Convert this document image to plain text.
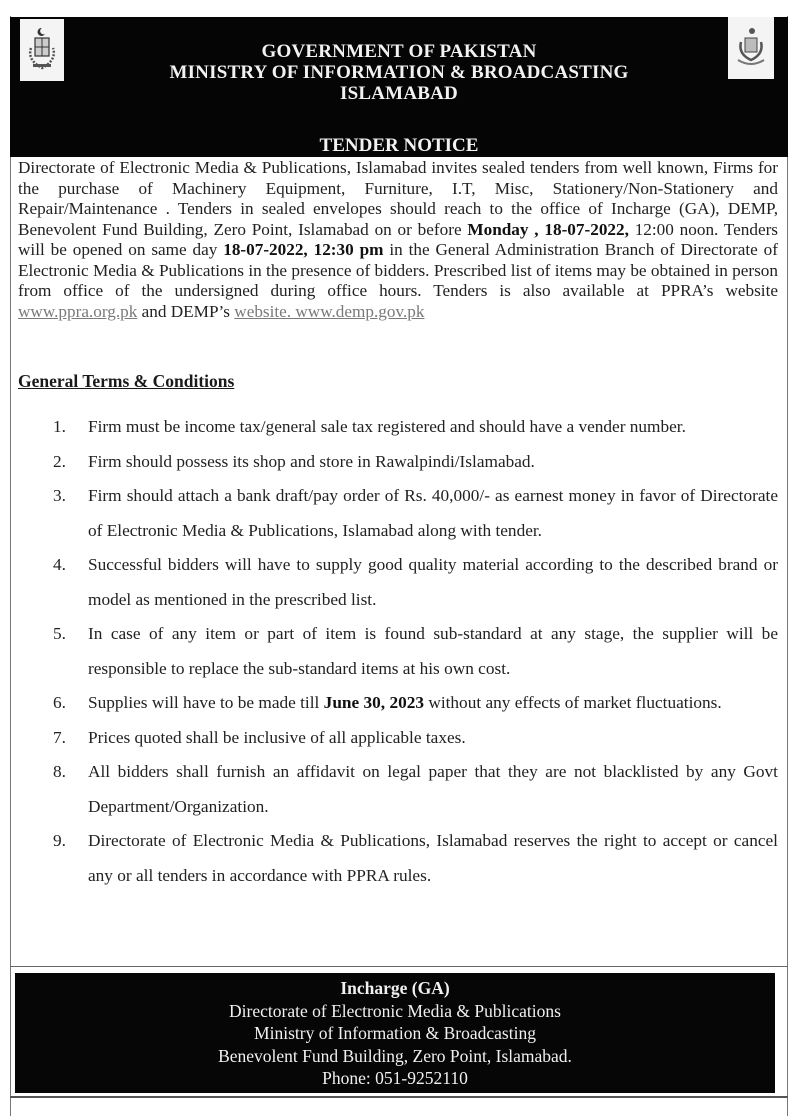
GOVERNMENT OF PAKISTAN
MINISTRY OF INFORMATION & BROADCASTING
ISLAMABAD
TENDER NOTICE
Directorate of Electronic Media & Publications, Islamabad invites sealed tenders from well known, Firms for the purchase of Machinery Equipment, Furniture, I.T, Misc, Stationery/Non-Stationery and Repair/Maintenance . Tenders in sealed envelopes should reach to the office of Incharge (GA), DEMP, Benevolent Fund Building, Zero Point, Islamabad on or before Monday , 18-07-2022, 12:00 noon. Tenders will be opened on same day 18-07-2022, 12:30 pm in the General Administration Branch of Directorate of Electronic Media & Publications in the presence of bidders. Prescribed list of items may be obtained in person from office of the undersigned during office hours. Tenders is also available at PPRA’s website www.ppra.org.pk and DEMP’s website. www.demp.gov.pk
General Terms & Conditions
1.	Firm must be income tax/general sale tax registered and should have a vender number.
2.	Firm should possess its shop and store in Rawalpindi/Islamabad.
3.	Firm should attach a bank draft/pay order of Rs. 40,000/- as earnest money in favor of Directorate of Electronic Media & Publications, Islamabad along with tender.
4.	Successful bidders will have to supply good quality material according to the described brand or model as mentioned in the prescribed list.
5.	In case of any item or part of item is found sub-standard at any stage, the supplier will be responsible to replace the sub-standard items at his own cost.
6.	Supplies will have to be made till June 30, 2023 without any effects of market fluctuations.
7.	Prices quoted shall be inclusive of all applicable taxes.
8.	All bidders shall furnish an affidavit on legal paper that they are not blacklisted by any Govt Department/Organization.
9.	Directorate of Electronic Media & Publications, Islamabad reserves the right to accept or cancel any or all tenders in accordance with PPRA rules.
Incharge (GA)
Directorate of Electronic Media & Publications
Ministry of Information & Broadcasting
Benevolent Fund Building, Zero Point, Islamabad.
Phone: 051-9252110
